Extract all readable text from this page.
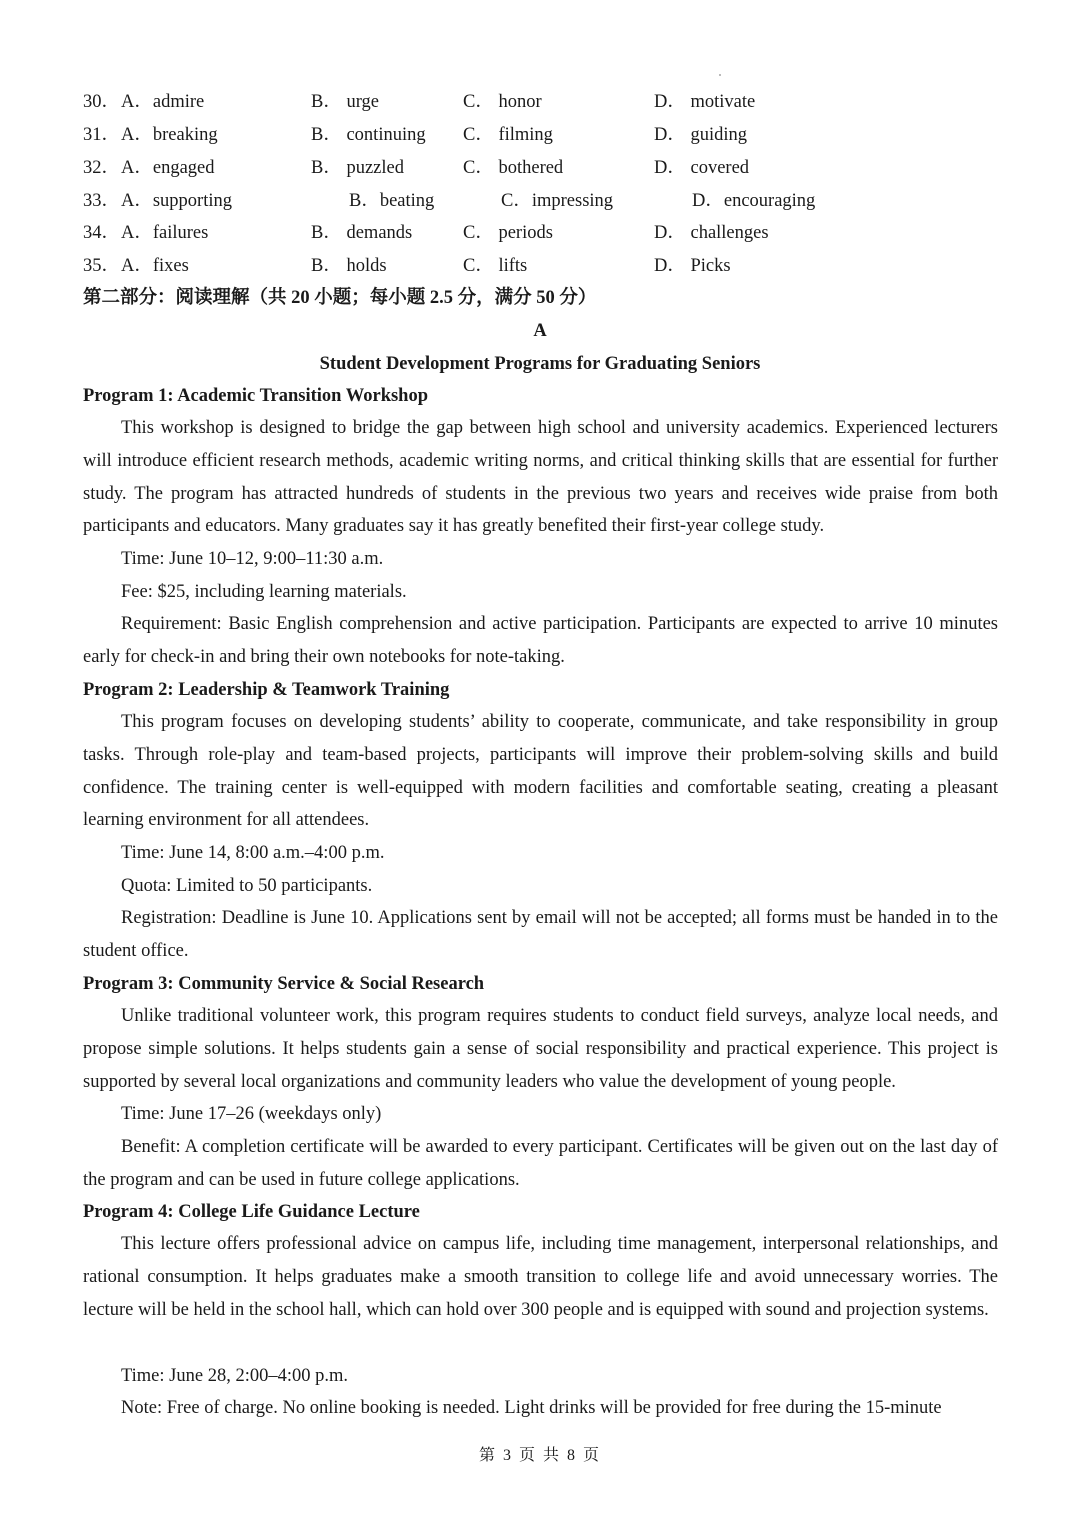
30． A．admire	B． urge	C． honor	D． motivate
31． A．breaking	B． continuing C． filming	D． guiding
32． A．engaged	B． puzzled	C． bothered	D． covered
33． A．supporting	B．beating	C．impressing	D．encouraging
34． A．failures	B． demands	C． periods	D． challenges
35． A．fixes	B． holds	C． lifts	D． Picks
第二部分：阅读理解（共 20 小题；每小题 2.5 分，满分 50 分）
A
Student Development Programs for Graduating Seniors
Program 1: Academic Transition Workshop

This workshop is designed to bridge the gap between high school and university academics. Experienced lecturers will introduce efficient research methods, academic writing norms, and critical thinking skills that are essential for further study. The program has attracted hundreds of students in the previous two years and receives wide praise from both participants and educators. Many graduates say it has greatly benefited their first-year college study.

Time: June 10–12, 9:00–11:30 a.m.
Fee: $25, including learning materials.

Requirement: Basic English comprehension and active participation. Participants are expected to arrive 10 minutes early for check-in and bring their own notebooks for note-taking.

Program 2: Leadership & Teamwork Training

This program focuses on developing students’ ability to cooperate, communicate, and take responsibility in group tasks. Through role-play and team-based projects, participants will improve their problem-solving skills and build confidence. The training center is well-equipped with modern facilities and comfortable seating, creating a pleasant learning environment for all attendees.

Time: June 14, 8:00 a.m.–4:00 p.m.
Quota: Limited to 50 participants.

Registration: Deadline is June 10. Applications sent by email will not be accepted; all forms must be handed in to the student office.

Program 3: Community Service & Social Research

Unlike traditional volunteer work, this program requires students to conduct field surveys, analyze local needs, and propose simple solutions. It helps students gain a sense of social responsibility and practical experience. This project is supported by several local organizations and community leaders who value the development of young people.

Time: June 17–26 (weekdays only)

Benefit: A completion certificate will be awarded to every participant. Certificates will be given out on the last day of the program and can be used in future college applications.

Program 4: College Life Guidance Lecture

This lecture offers professional advice on campus life, including time management, interpersonal relationships, and rational consumption. It helps graduates make a smooth transition to college life and avoid unnecessary worries. The lecture will be held in the school hall, which can hold over 300 people and is equipped with sound and projection systems.

Time: June 28, 2:00–4:00 p.m.

Note: Free of charge. No online booking is needed. Light drinks will be provided for free during the 15-minute

第 3 页 共 8 页
